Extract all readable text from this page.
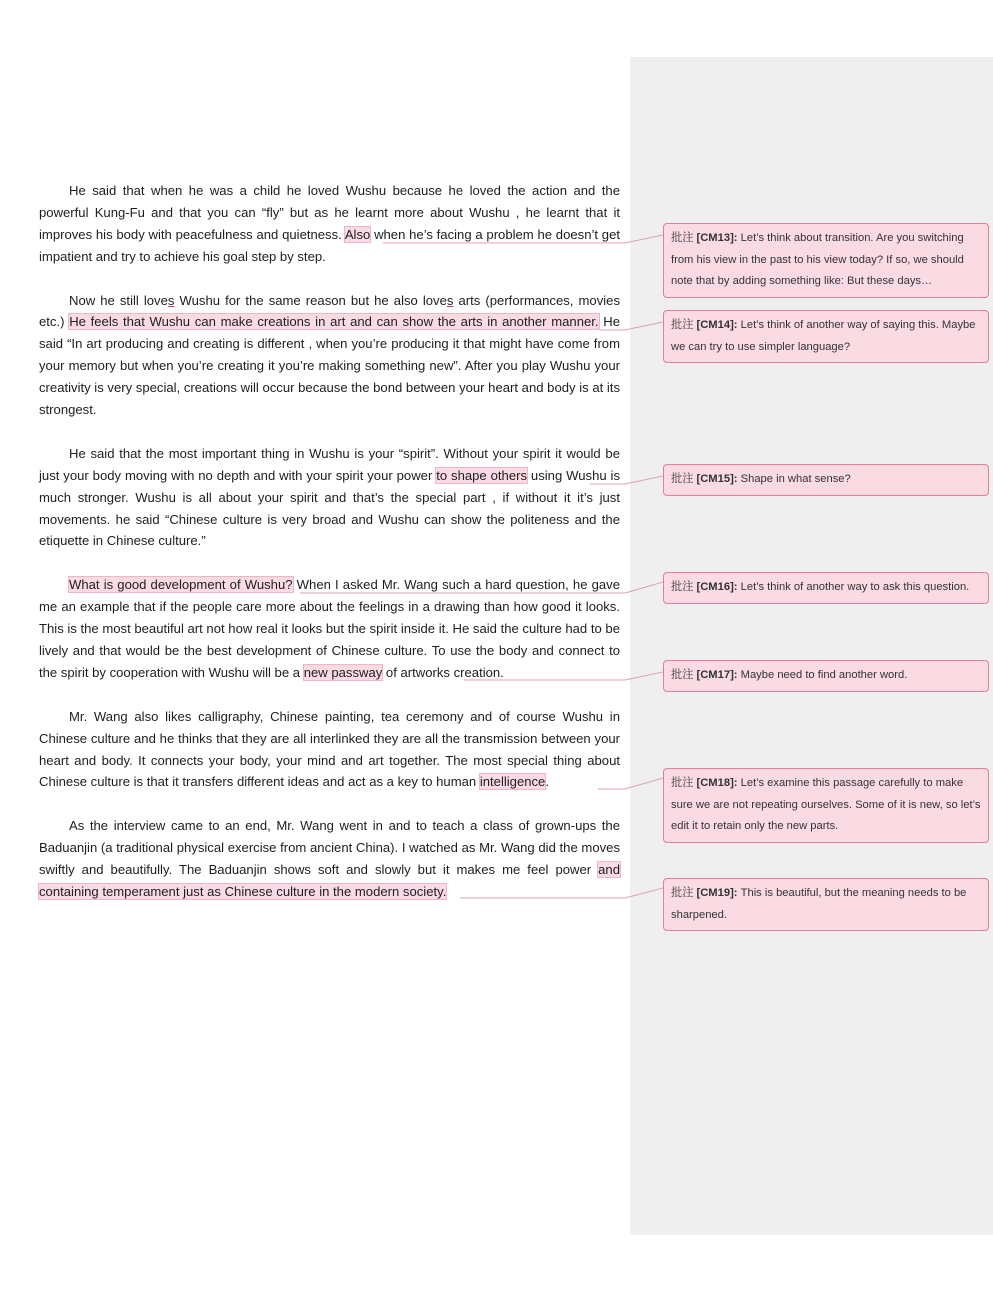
He said that when he was a child he loved Wushu because he loved the action and the powerful Kung-Fu and that you can “fly” but as he learnt more about Wushu , he learnt that it improves his body with peacefulness and quietness. Also when he’s facing a problem he doesn’t get impatient and try to achieve his goal step by step.

Now he still loves Wushu for the same reason but he also loves arts (performances, movies etc.) He feels that Wushu can make creations in art and can show the arts in another manner. He said “In art producing and creating is different , when you’re producing it that might have come from your memory but when you’re creating it you’re making something new”. After you play Wushu your creativity is very special, creations will occur because the bond between your heart and body is at its strongest.

He said that the most important thing in Wushu is your “spirit”. Without your spirit it would be just your body moving with no depth and with your spirit your power to shape others using Wushu is much stronger. Wushu is all about your spirit and that’s the special part , if without it it’s just movements. he said “Chinese culture is very broad and Wushu can show the politeness and the etiquette in Chinese culture.”

What is good development of Wushu? When I asked Mr. Wang such a hard question, he gave me an example that if the people care more about the feelings in a drawing than how good it looks. This is the most beautiful art not how real it looks but the spirit inside it. He said the culture had to be lively and that would be the best development of Chinese culture. To use the body and connect to the spirit by cooperation with Wushu will be a new passway of artworks creation.

Mr. Wang also likes calligraphy, Chinese painting, tea ceremony and of course Wushu in Chinese culture and he thinks that they are all interlinked they are all the transmission between your heart and body. It connects your body, your mind and art together. The most special thing about Chinese culture is that it transfers different ideas and act as a key to human intelligence.

As the interview came to an end, Mr. Wang went in and to teach a class of grown-ups the Baduanjin (a traditional physical exercise from ancient China). I watched as Mr. Wang did the moves swiftly and beautifully. The Baduanjin shows soft and slowly but it makes me feel power and containing temperament just as Chinese culture in the modern society.

批注 [CM13]: Let’s think about transition. Are you switching from his view in the past to his view today? If so, we should note that by adding something like: But these days…
批注 [CM14]: Let’s think of another way of saying this. Maybe we can try to use simpler language?
批注 [CM15]: Shape in what sense?
批注 [CM16]: Let’s think of another way to ask this question.
批注 [CM17]: Maybe need to find another word.
批注 [CM18]: Let’s examine this passage carefully to make sure we are not repeating ourselves. Some of it is new, so let’s edit it to retain only the new parts.
批注 [CM19]: This is beautiful, but the meaning needs to be sharpened.
